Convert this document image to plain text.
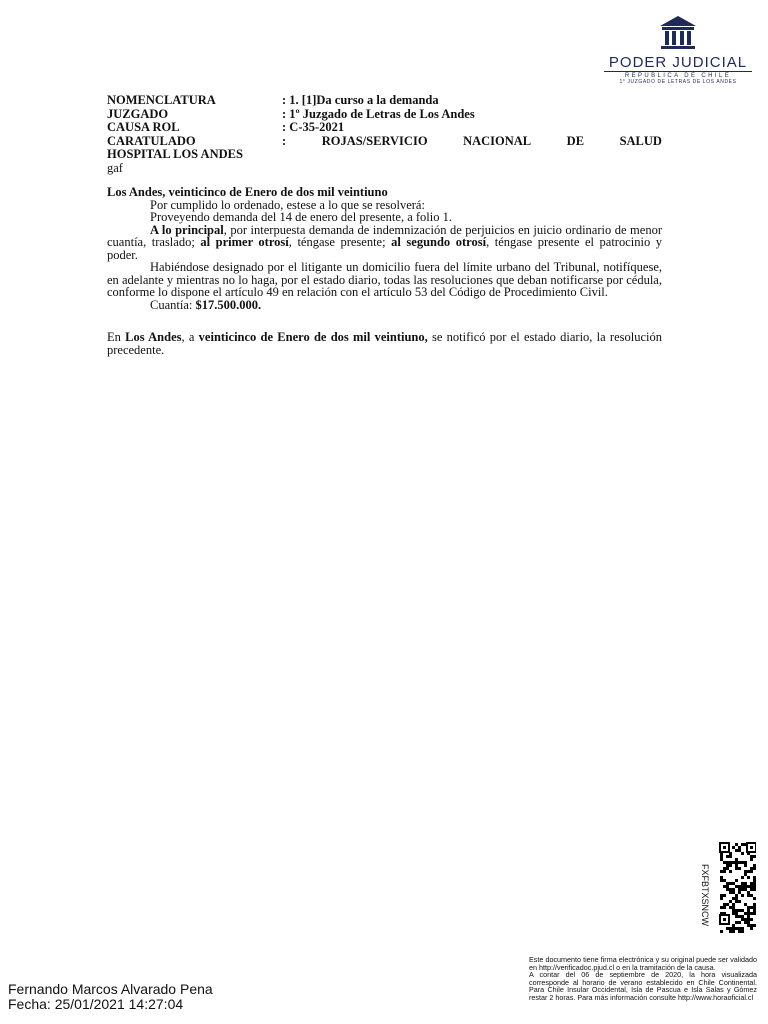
PODER JUDICIAL
REPUBLICA DE CHILE
1° JUZGADO DE LETRAS DE LOS ANDES
NOMENCLATURA	: 1. [1]Da curso a la demanda
JUZGADO	: 1º Juzgado de Letras de Los Andes
CAUSA ROL	: C-35-2021
CARATULADO	:	ROJAS/SERVICIO	NACIONAL	DE	SALUD
HOSPITAL LOS ANDES
gaf

Los Andes, veinticinco de Enero de dos mil veintiuno

Por cumplido lo ordenado, estese a lo que se resolverá:

Proveyendo demanda del 14 de enero del presente, a folio 1.

A lo principal, por interpuesta demanda de indemnización de perjuicios en juicio ordinario de menor cuantía, traslado; al primer otrosí, téngase presente; al segundo otrosí, téngase presente el patrocinio y poder.

Habiéndose designado por el litigante un domicilio fuera del límite urbano del Tribunal, notifíquese, en adelante y mientras no lo haga, por el estado diario, todas las resoluciones que deban notificarse por cédula, conforme lo dispone el artículo 49 en relación con el artículo 53 del Código de Procedimiento Civil.

Cuantía: $17.500.000.

En Los Andes, a veinticinco de Enero de dos mil veintiuno, se notificó por el estado diario, la resolución precedente.

FXFBTXSNCW
Fernando Marcos Alvarado Pena
Fecha: 25/01/2021 14:27:04
Este documento tiene firma electrónica y su original puede ser validado en http://verificadoc.pjud.cl o en la tramitación de la causa.
A contar del 06 de septiembre de 2020, la hora visualizada corresponde al horario de verano establecido en Chile Continental. Para Chile Insular Occidental, Isla de Pascua e Isla Salas y Gómez restar 2 horas. Para más información consulte http://www.horaoficial.cl
